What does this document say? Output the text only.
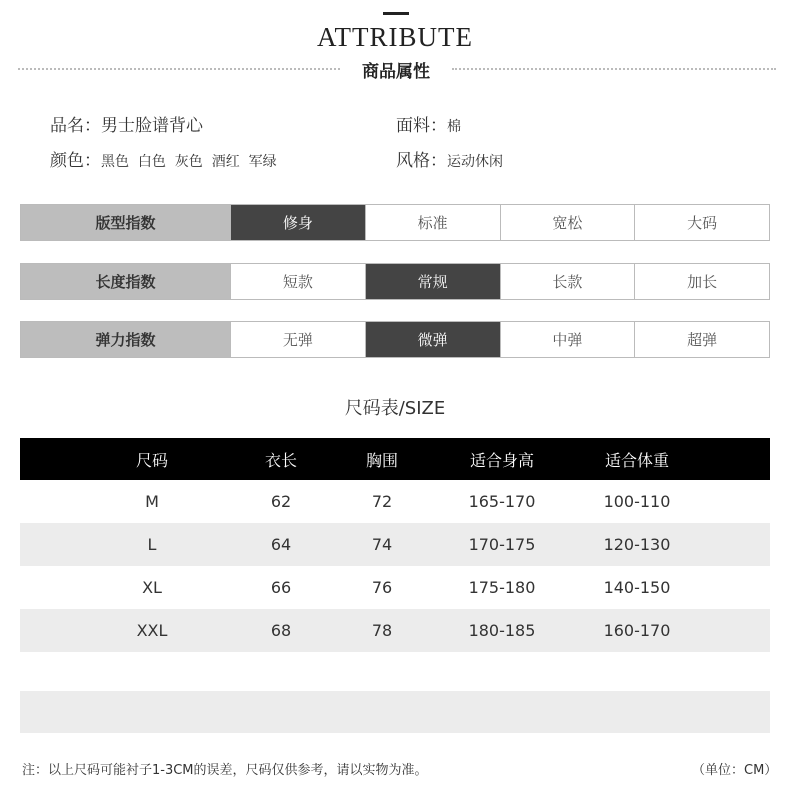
ATTRIBUTE
商品属性
品名：男士脸谱背心	面料：棉
颜色：黑色  白色  灰色  酒红  军绿	风格：运动休闲
版型指数	修身	标准	宽松	大码
长度指数	短款	常规	长款	加长
弹力指数	无弹	微弹	中弹	超弹
尺码表/SIZE
尺码	衣长	胸围	适合身高	适合体重
M	62	72	165-170	100-110
L	64	74	170-175	120-130
XL	66	76	175-180	140-150
XXL	68	78	180-185	160-170
注：以上尺码可能衬子1-3CM的误差，尺码仅供参考，请以实物为准。	（单位：CM）
